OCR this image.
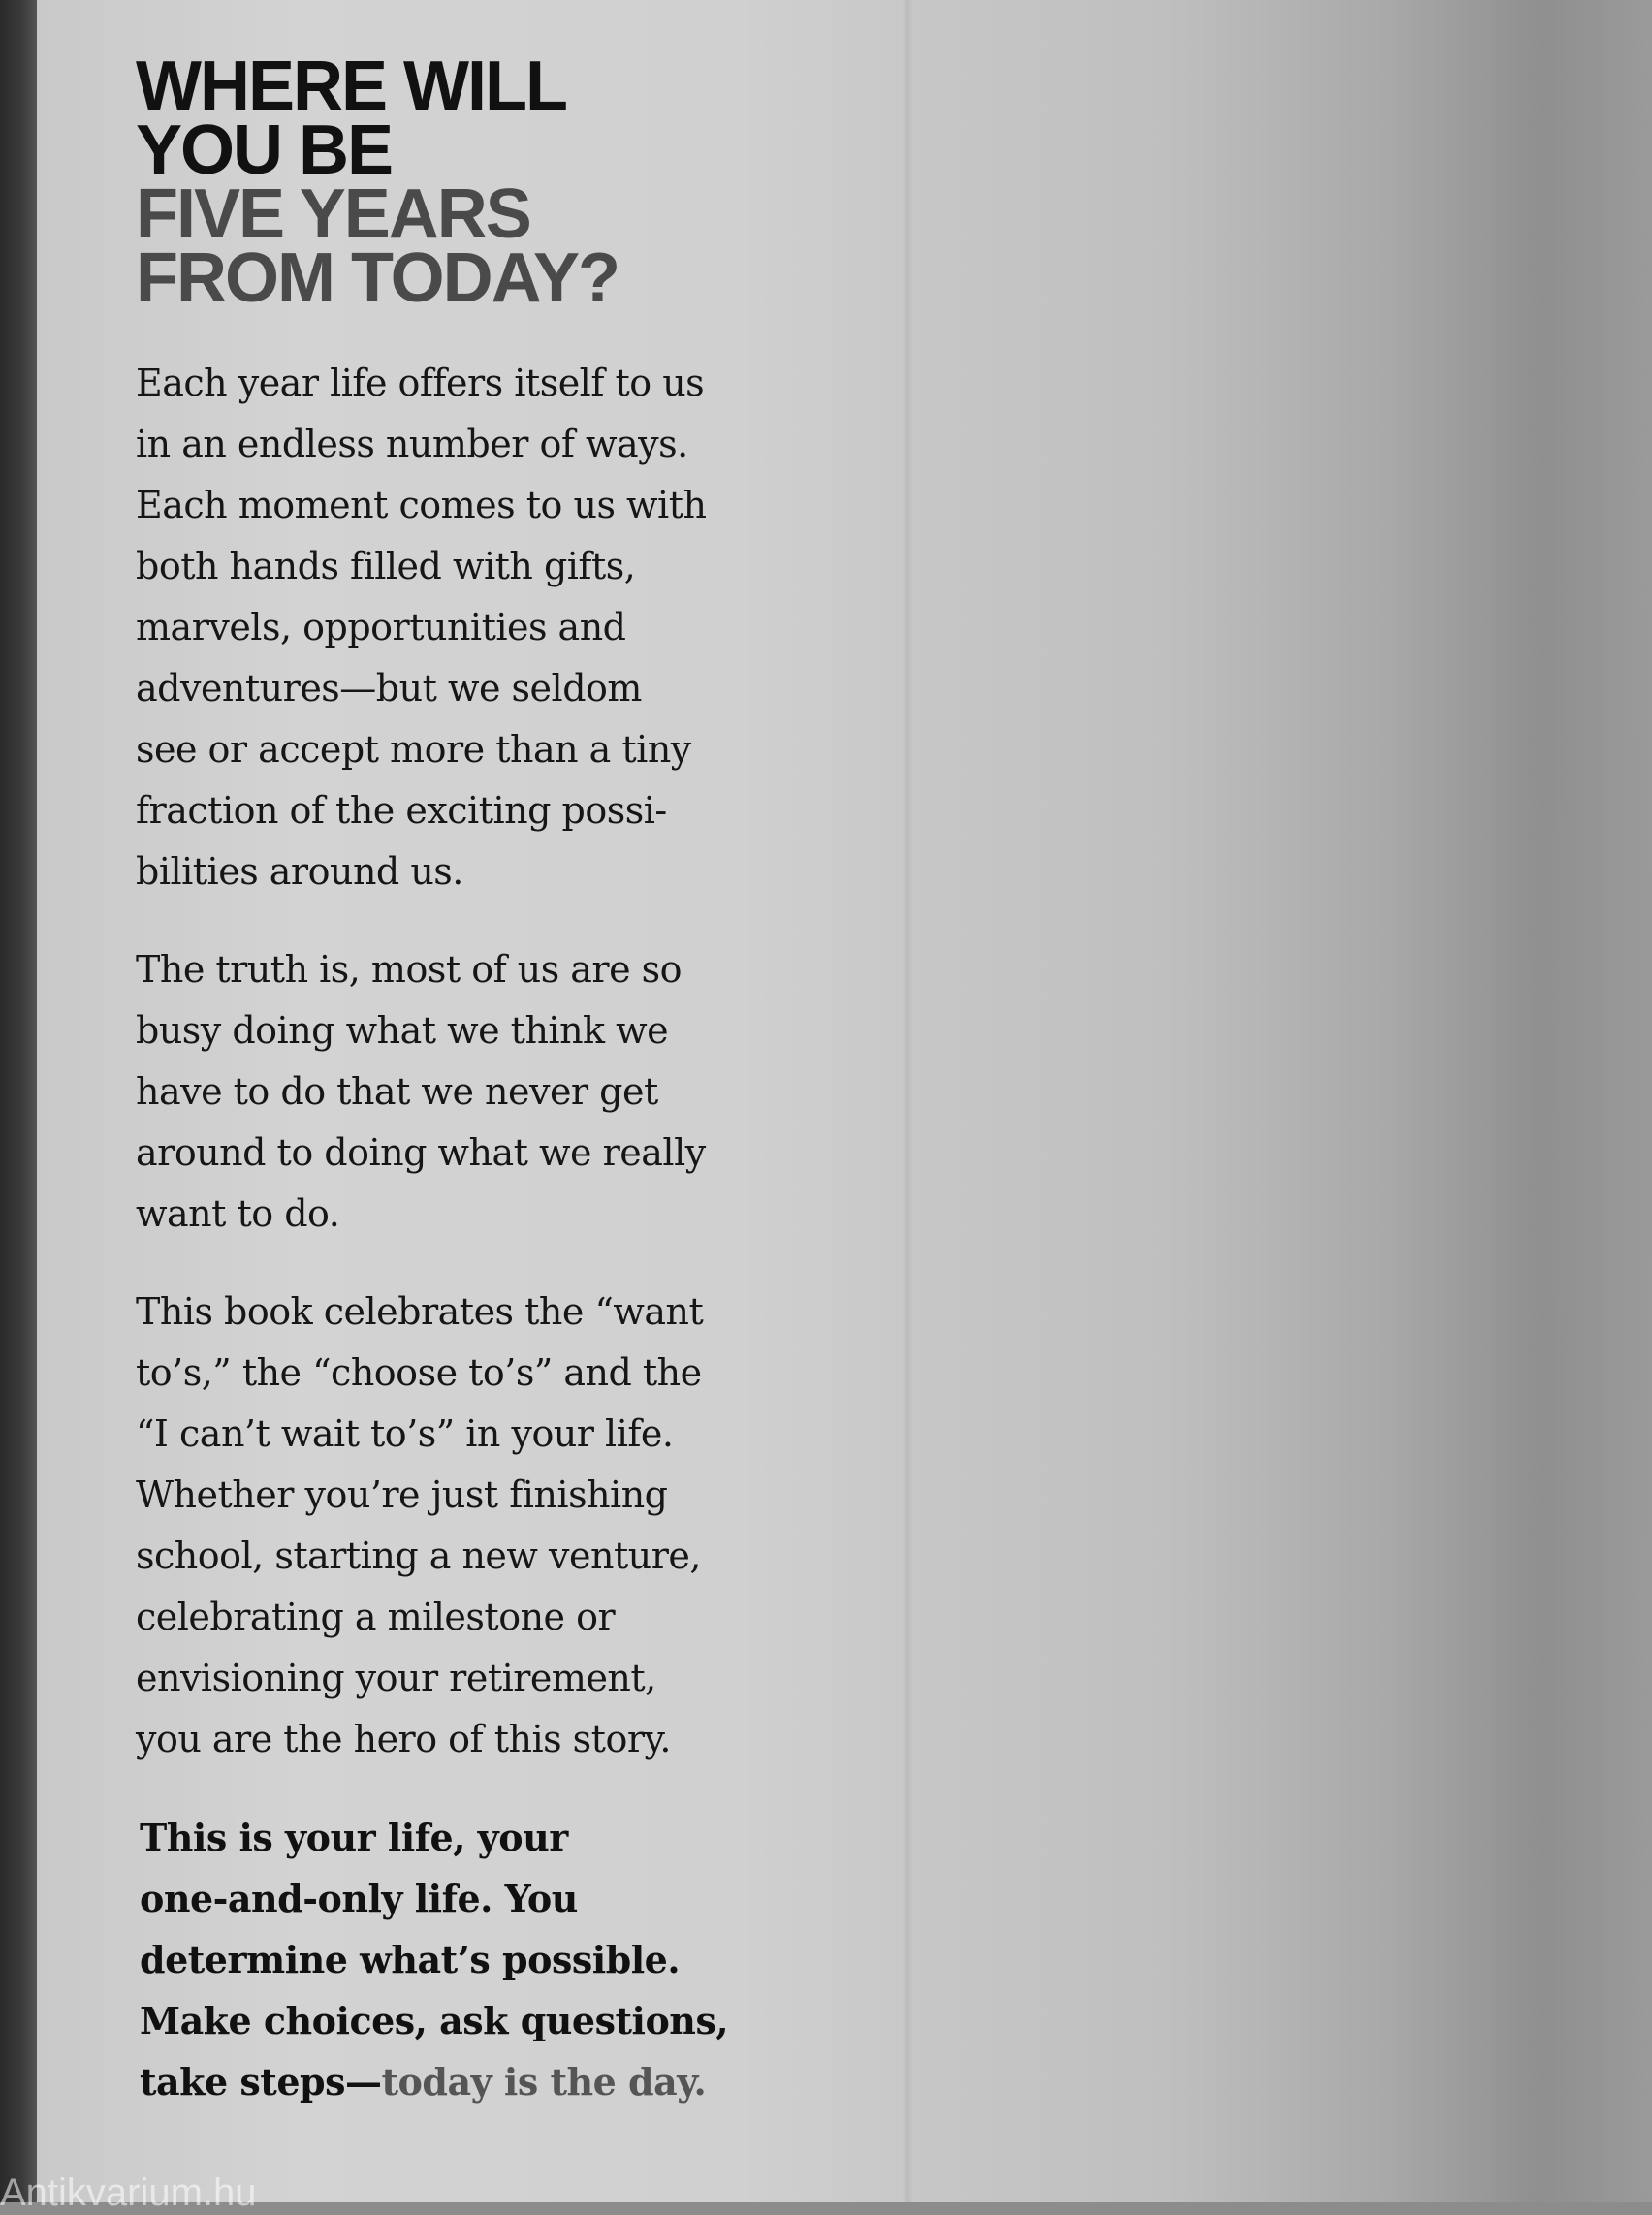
WHERE WILL
YOU BE
FIVE YEARS
FROM TODAY?

Each year life offers itself to us
in an endless number of ways.
Each moment comes to us with
both hands filled with gifts,
marvels, opportunities and
adventures—but we seldom
see or accept more than a tiny
fraction of the exciting possi-
bilities around us.

The truth is, most of us are so
busy doing what we think we
have to do that we never get
around to doing what we really
want to do.

This book celebrates the “want
to’s,” the “choose to’s” and the
“I can’t wait to’s” in your life.
Whether you’re just finishing
school, starting a new venture,
celebrating a milestone or
envisioning your retirement,
you are the hero of this story.

This is your life, your
one-and-only life. You
determine what’s possible.
Make choices, ask questions,
take steps—today is the day.

Antikvarium.hu
